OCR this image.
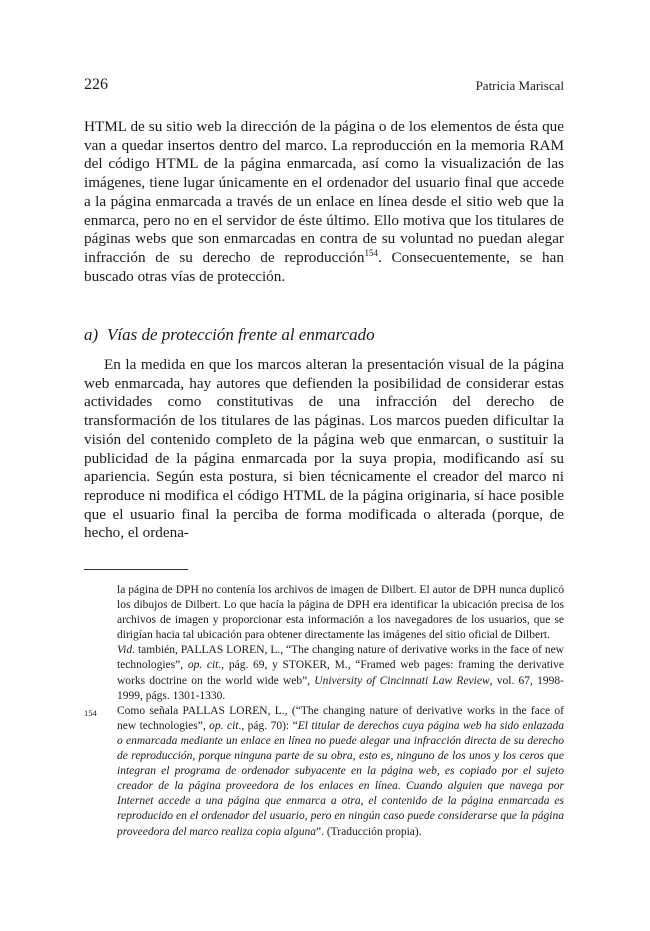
226	Patricia Mariscal

HTML de su sitio web la dirección de la página o de los elementos de ésta que van a quedar insertos dentro del marco. La reproducción en la memoria RAM del código HTML de la página enmarcada, así como la visualización de las imágenes, tiene lugar únicamente en el ordenador del usuario final que accede a la página enmarcada a través de un enlace en línea desde el sitio web que la enmarca, pero no en el servidor de éste último. Ello motiva que los titulares de páginas webs que son enmarcadas en contra de su voluntad no puedan alegar infracción de su derecho de reproducción$^{154}$. Consecuentemente, se han buscado otras vías de protección.

a) Vías de protección frente al enmarcado

En la medida en que los marcos alteran la presentación visual de la página web enmarcada, hay autores que defienden la posibilidad de considerar estas actividades como constitutivas de una infracción del derecho de transformación de los titulares de las páginas. Los marcos pueden dificultar la visión del contenido completo de la página web que enmarcan, o sustituir la publicidad de la página enmarcada por la suya propia, modificando así su apariencia. Según esta postura, si bien técnicamente el creador del marco ni reproduce ni modifica el código HTML de la página originaria, sí hace posible que el usuario final la perciba de forma modificada o alterada (porque, de hecho, el ordena-

la página de DPH no contenía los archivos de imagen de Dilbert. El autor de DPH nunca duplicó los dibujos de Dilbert. Lo que hacía la página de DPH era identificar la ubicación precisa de los archivos de imagen y proporcionar esta información a los navegadores de los usuarios, que se dirigían hacia tal ubicación para obtener directamente las imágenes del sitio oficial de Dilbert.

Vid. también, PALLAS LOREN, L., “The changing nature of derivative works in the face of new technologies”, op. cit., pág. 69, y STOKER, M., “Framed web pages: framing the derivative works doctrine on the world wide web”, University of Cincinnati Law Review, vol. 67, 1998-1999, págs. 1301-1330.

154 Como señala PALLAS LOREN, L., (“The changing nature of derivative works in the face of new technologies”, op. cit., pág. 70): “El titular de derechos cuya página web ha sido enlazada o enmarcada mediante un enlace en línea no puede alegar una infracción directa de su derecho de reproducción, porque ninguna parte de su obra, esto es, ninguno de los unos y los ceros que integran el programa de ordenador subyacente en la página web, es copiado por el sujeto creador de la página proveedora de los enlaces en línea. Cuando alguien que navega por Internet accede a una página que enmarca a otra, el contenido de la página enmarcada es reproducido en el ordenador del usuario, pero en ningún caso puede considerarse que la página proveedora del marco realiza copia alguna”. (Traducción propia).
